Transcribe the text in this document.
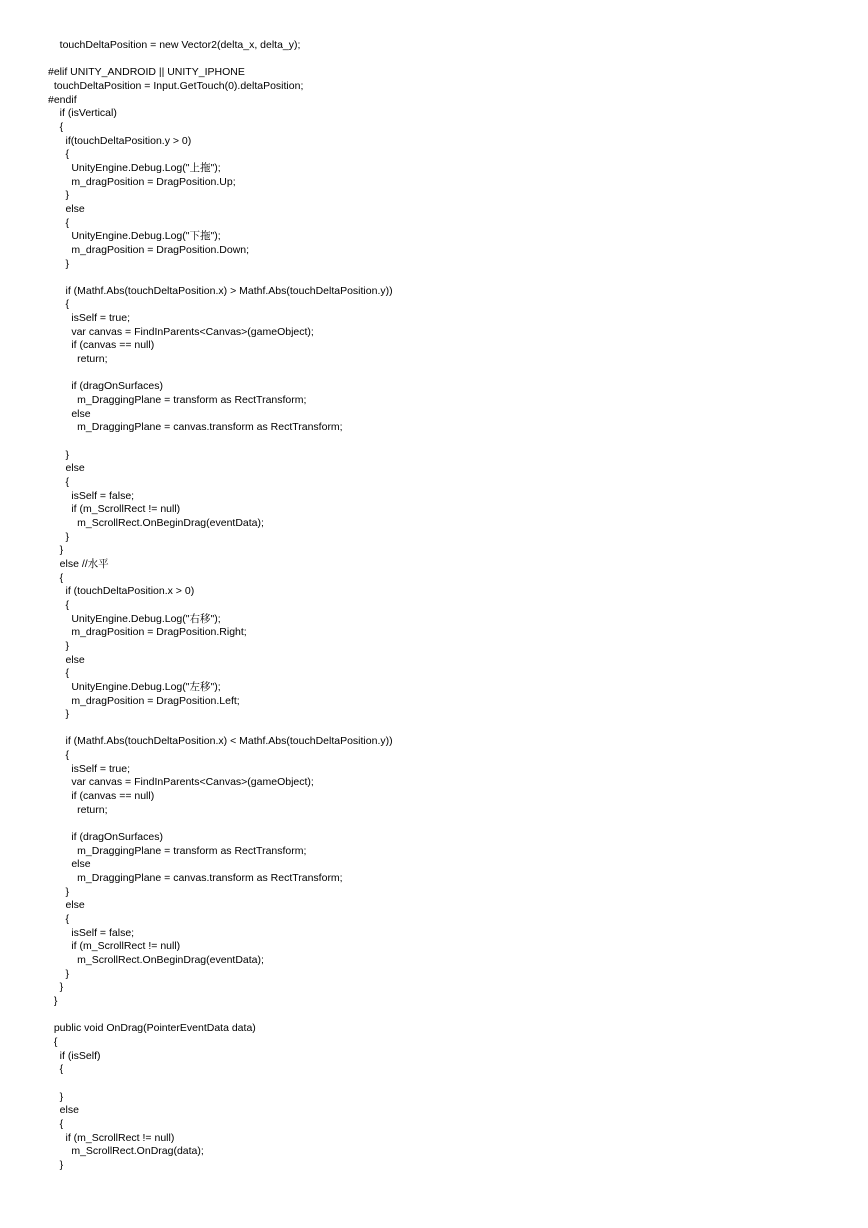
touchDeltaPosition = new Vector2(delta_x, delta_y);
#elif UNITY_ANDROID || UNITY_IPHONE
touchDeltaPosition = Input.GetTouch(0).deltaPosition;
#endif
if (isVertical)
{
if(touchDeltaPosition.y > 0)
{
UnityEngine.Debug.Log("上拖");
m_dragPosition = DragPosition.Up;
}
else
{
UnityEngine.Debug.Log("下拖");
m_dragPosition = DragPosition.Down;
}
if (Mathf.Abs(touchDeltaPosition.x) > Mathf.Abs(touchDeltaPosition.y))
{
isSelf = true;
var canvas = FindInParents<Canvas>(gameObject);
if (canvas == null)
return;
if (dragOnSurfaces)
m_DraggingPlane = transform as RectTransform;
else
m_DraggingPlane = canvas.transform as RectTransform;
}
else
{
isSelf = false;
if (m_ScrollRect != null)
m_ScrollRect.OnBeginDrag(eventData);
}
}
else //水平
{
if (touchDeltaPosition.x > 0)
{
UnityEngine.Debug.Log("右移");
m_dragPosition = DragPosition.Right;
}
else
{
UnityEngine.Debug.Log("左移");
m_dragPosition = DragPosition.Left;
}
if (Mathf.Abs(touchDeltaPosition.x) < Mathf.Abs(touchDeltaPosition.y))
{
isSelf = true;
var canvas = FindInParents<Canvas>(gameObject);
if (canvas == null)
return;
if (dragOnSurfaces)
m_DraggingPlane = transform as RectTransform;
else
m_DraggingPlane = canvas.transform as RectTransform;
}
else
{
isSelf = false;
if (m_ScrollRect != null)
m_ScrollRect.OnBeginDrag(eventData);
}
}
}
public void OnDrag(PointerEventData data)
{
if (isSelf)
{
}
else
{
if (m_ScrollRect != null)
m_ScrollRect.OnDrag(data);
}
